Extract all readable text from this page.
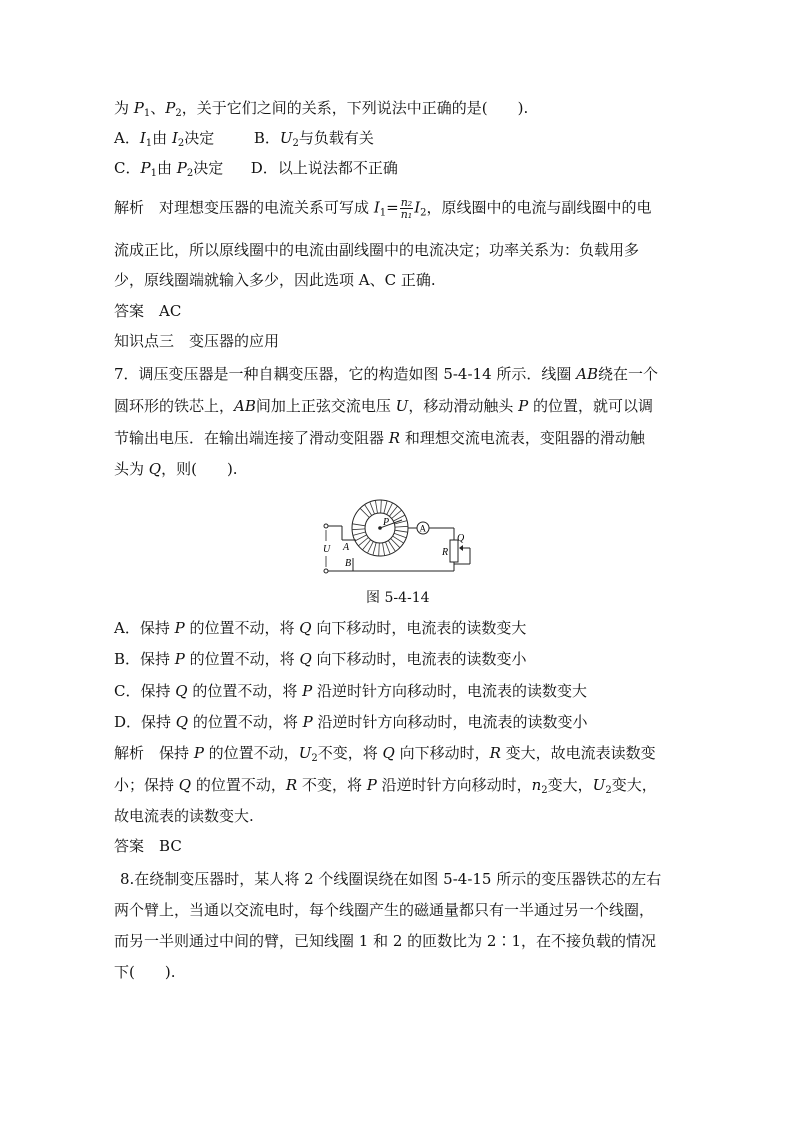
为 $P_1$、$P_2$，关于它们之间的关系，下列说法中正确的是(　　).
A．$I_1$由 $I_2$决定	B．$U_2$与负载有关
C．$P_1$由 $P_2$决定 D．以上说法都不正确
解析　 对理想变压器的电流关系可写成 $I_1= \frac{\text{n₂}}{\text{n₁}} I_2$，原线圈中的电流与副线圈中的电
流成正比，所以原线圈中的电流由副线圈中的电流决定；功率关系为：负载用多
少，原线圈端就输入多少，因此选项 A、C 正确.
答案　 AC
知识点三　变压器的应用
7．调压变压器是一种自耦变压器，它的构造如图 5-4-14 所示．线圈 AB绕在一个
圆环形的铁芯上，AB间加上正弦交流电压 U，移动滑动触头 P 的位置，就可以调
节输出电压．在输出端连接了滑动变阻器 R 和理想交流电流表，变阻器的滑动触
头为 Q，则(　　).
P
U A
B
A
R
Q
图 5-4-14
A．保持 P 的位置不动，将 Q 向下移动时，电流表的读数变大
B．保持 P 的位置不动，将 Q 向下移动时，电流表的读数变小
C．保持 Q 的位置不动，将 P 沿逆时针方向移动时，电流表的读数变大
D．保持 Q 的位置不动，将 P 沿逆时针方向移动时，电流表的读数变小
解析　 保持 P 的位置不动，$U_2$不变，将 Q 向下移动时，R 变大，故电流表读数变
小；保持 Q 的位置不动，R 不变，将 P 沿逆时针方向移动时，$n_2$变大，$U_2$变大，
故电流表的读数变大.
答案　 BC
8.在绕制变压器时，某人将 2 个线圈误绕在如图 5-4-15 所示的变压器铁芯的左右
两个臂上，当通以交流电时，每个线圈产生的磁通量都只有一半通过另一个线圈，
而另一半则通过中间的臂，已知线圈 1 和 2 的匝数比为 2∶1，在不接负载的情况
下(　　).
